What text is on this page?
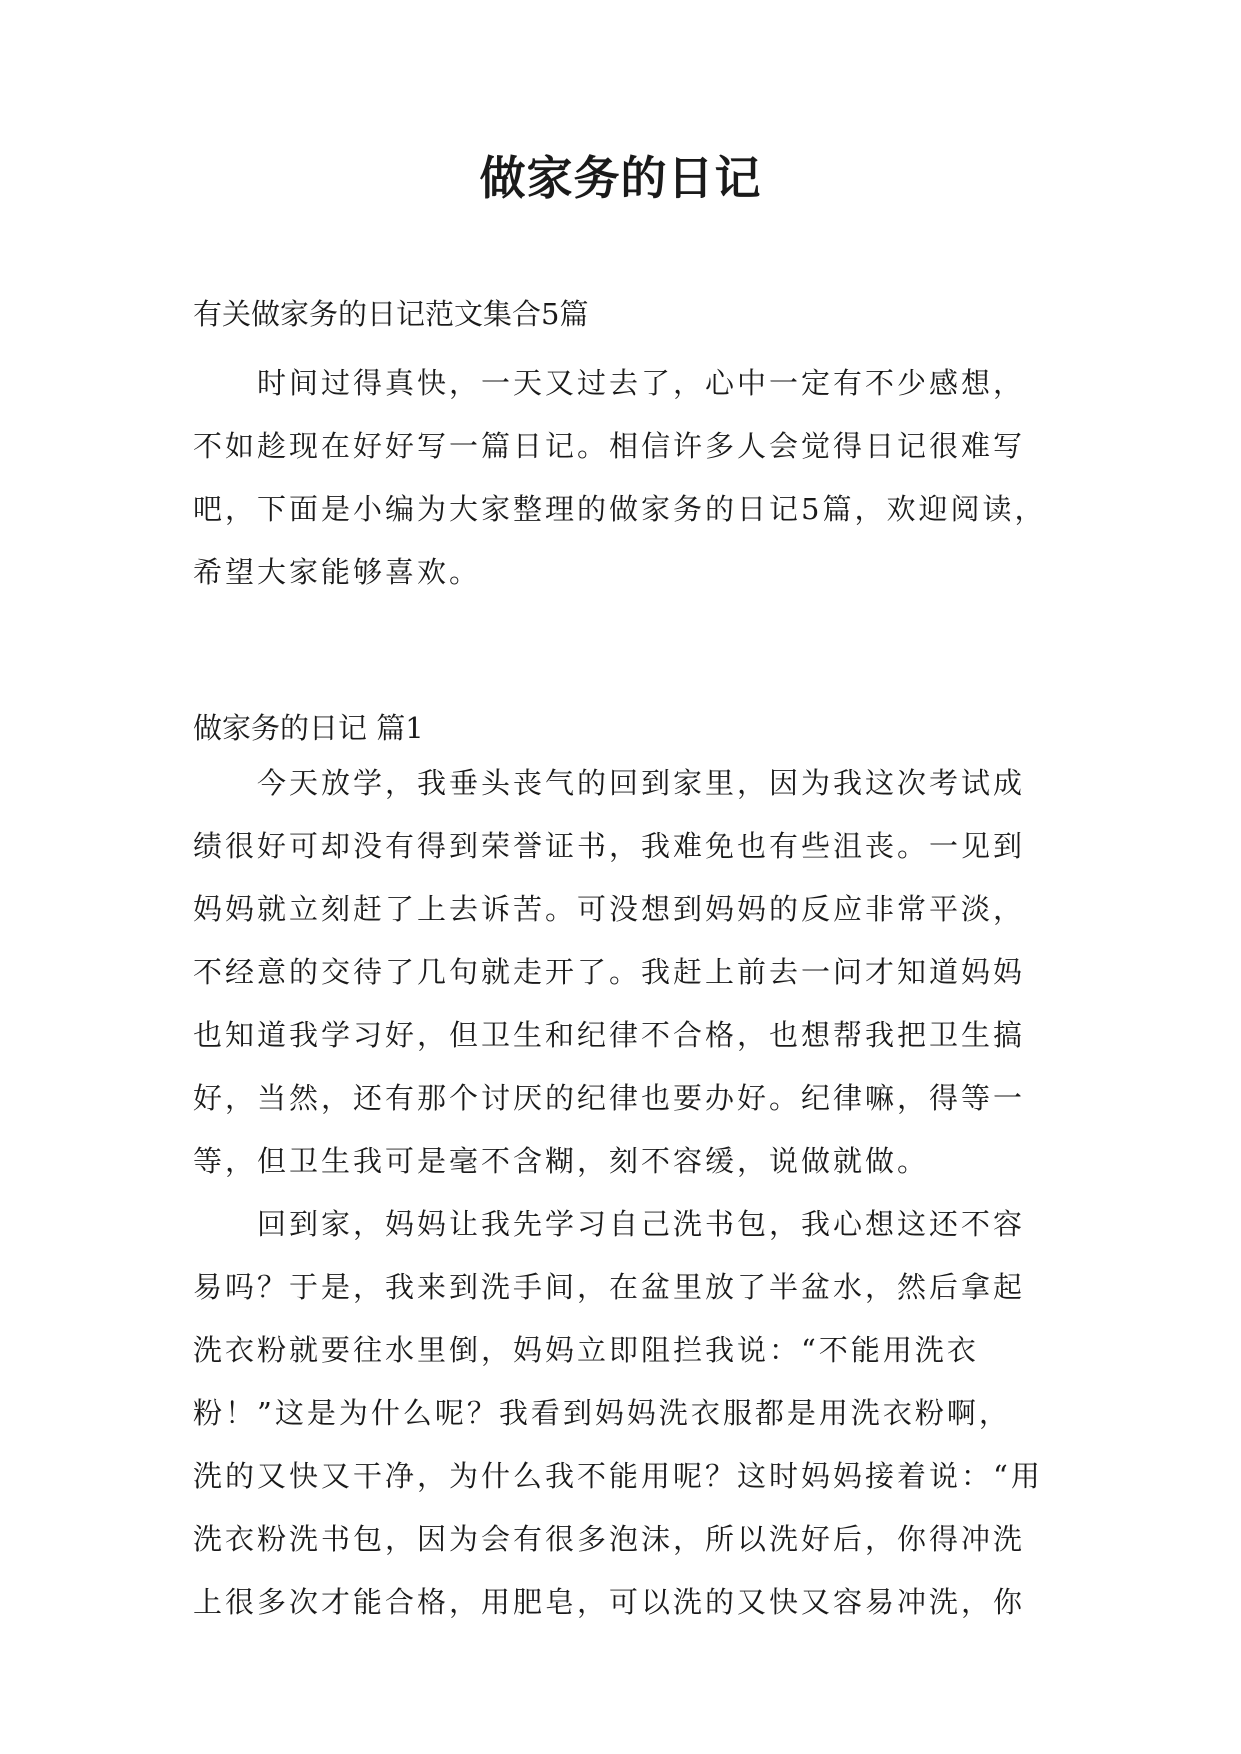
做家务的日记

有关做家务的日记范文集合5篇

时间过得真快，一天又过去了，心中一定有不少感想，
不如趁现在好好写一篇日记。相信许多人会觉得日记很难写
吧，下面是小编为大家整理的做家务的日记5篇，欢迎阅读，
希望大家能够喜欢。

做家务的日记 篇1

今天放学，我垂头丧气的回到家里，因为我这次考试成
绩很好可却没有得到荣誉证书，我难免也有些沮丧。一见到
妈妈就立刻赶了上去诉苦。可没想到妈妈的反应非常平淡，
不经意的交待了几句就走开了。我赶上前去一问才知道妈妈
也知道我学习好，但卫生和纪律不合格，也想帮我把卫生搞
好，当然，还有那个讨厌的纪律也要办好。纪律嘛，得等一
等，但卫生我可是毫不含糊，刻不容缓，说做就做。
回到家，妈妈让我先学习自己洗书包，我心想这还不容
易吗？于是，我来到洗手间，在盆里放了半盆水，然后拿起
洗衣粉就要往水里倒，妈妈立即阻拦我说：“不能用洗衣
粉！”这是为什么呢？我看到妈妈洗衣服都是用洗衣粉啊，
洗的又快又干净，为什么我不能用呢？这时妈妈接着说：“用
洗衣粉洗书包，因为会有很多泡沫，所以洗好后，你得冲洗
上很多次才能合格，用肥皂，可以洗的又快又容易冲洗，你
